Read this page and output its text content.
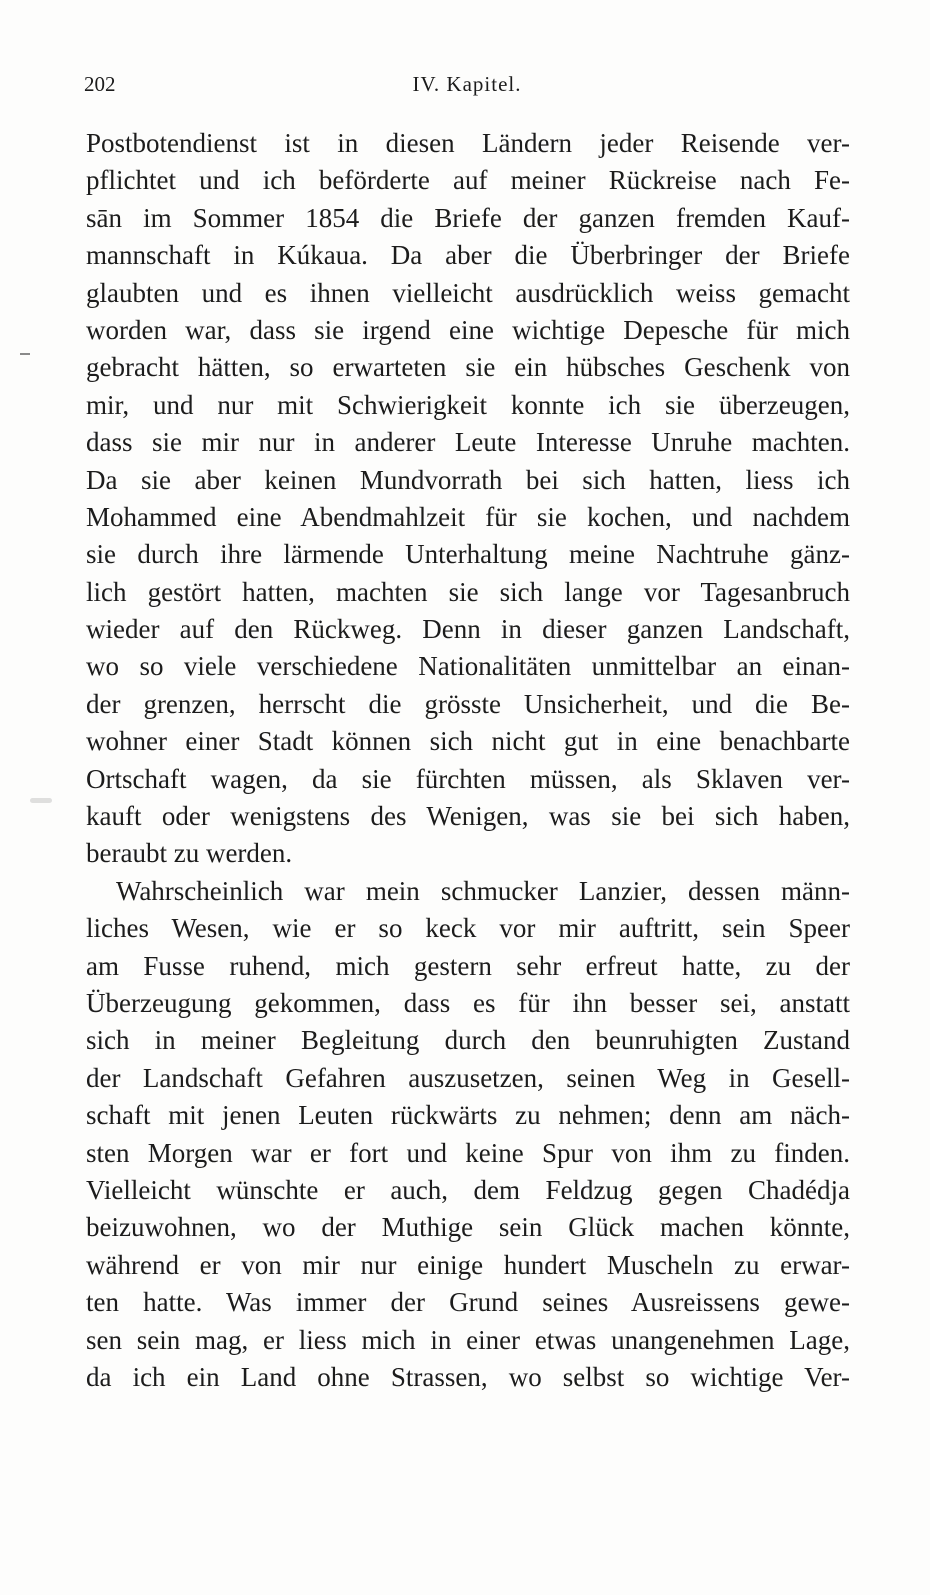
202	IV. Kapitel.
Postbotendienst ist in diesen Ländern jeder Reisende ver-
pflichtet und ich beförderte auf meiner Rückreise nach Fe-
sān im Sommer 1854 die Briefe der ganzen fremden Kauf-
mannschaft in Kúkaua. Da aber die Überbringer der Briefe
glaubten und es ihnen vielleicht ausdrücklich weiss gemacht
worden war, dass sie irgend eine wichtige Depesche für mich
gebracht hätten, so erwarteten sie ein hübsches Geschenk von
mir, und nur mit Schwierigkeit konnte ich sie überzeugen,
dass sie mir nur in anderer Leute Interesse Unruhe machten.
Da sie aber keinen Mundvorrath bei sich hatten, liess ich
Mohammed eine Abendmahlzeit für sie kochen, und nachdem
sie durch ihre lärmende Unterhaltung meine Nachtruhe gänz-
lich gestört hatten, machten sie sich lange vor Tagesanbruch
wieder auf den Rückweg. Denn in dieser ganzen Landschaft,
wo so viele verschiedene Nationalitäten unmittelbar an einan-
der grenzen, herrscht die grösste Unsicherheit, und die Be-
wohner einer Stadt können sich nicht gut in eine benachbarte
Ortschaft wagen, da sie fürchten müssen, als Sklaven ver-
kauft oder wenigstens des Wenigen, was sie bei sich haben,
beraubt zu werden.
Wahrscheinlich war mein schmucker Lanzier, dessen männ-
liches Wesen, wie er so keck vor mir auftritt, sein Speer
am Fusse ruhend, mich gestern sehr erfreut hatte, zu der
Überzeugung gekommen, dass es für ihn besser sei, anstatt
sich in meiner Begleitung durch den beunruhigten Zustand
der Landschaft Gefahren auszusetzen, seinen Weg in Gesell-
schaft mit jenen Leuten rückwärts zu nehmen; denn am näch-
sten Morgen war er fort und keine Spur von ihm zu finden.
Vielleicht wünschte er auch, dem Feldzug gegen Chadédja
beizuwohnen, wo der Muthige sein Glück machen könnte,
während er von mir nur einige hundert Muscheln zu erwar-
ten hatte. Was immer der Grund seines Ausreissens gewe-
sen sein mag, er liess mich in einer etwas unangenehmen Lage,
da ich ein Land ohne Strassen, wo selbst so wichtige Ver-
